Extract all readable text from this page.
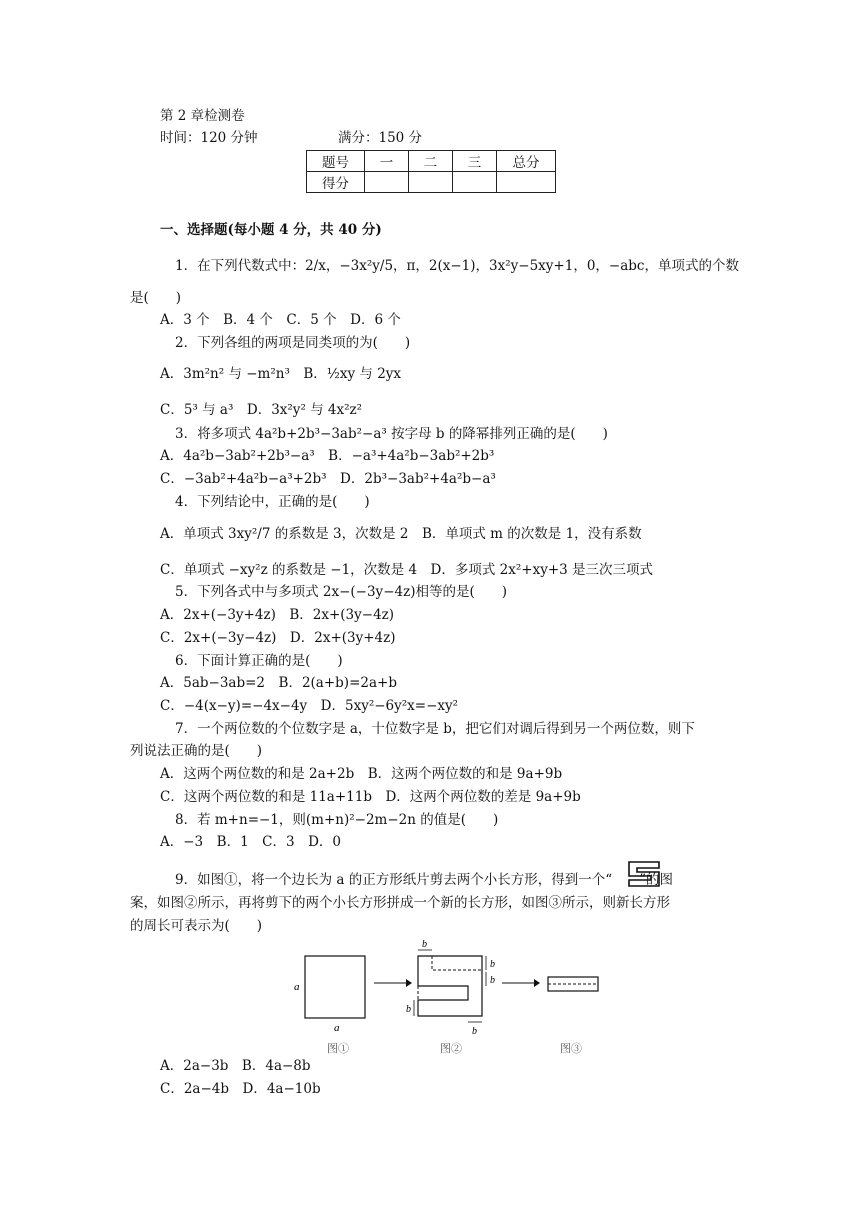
第 2 章检测卷
时间：120 分钟	满分：150 分
题号	一	二	三	总分
得分				
一、选择题(每小题 4 分，共 40 分)
1．在下列代数式中：2/x，−3x²y/5，π，2(x−1)，3x²y−5xy+1，0，−abc，单项式的个数
是(　　)
A．3 个　B．4 个　C．5 个　D．6 个
2．下列各组的两项是同类项的为(　　)
A．3m²n² 与 −m²n³　B．½xy 与 2yx
C．5³ 与 a³　D．3x²y² 与 4x²z²
3．将多项式 4a²b+2b³−3ab²−a³ 按字母 b 的降幂排列正确的是(　　)
A．4a²b−3ab²+2b³−a³　B．−a³+4a²b−3ab²+2b³
C．−3ab²+4a²b−a³+2b³　D．2b³−3ab²+4a²b−a³
4．下列结论中，正确的是(　　)
A．单项式 3xy²/7 的系数是 3，次数是 2　B．单项式 m 的次数是 1，没有系数
C．单项式 −xy²z 的系数是 −1，次数是 4　D．多项式 2x²+xy+3 是三次三项式
5．下列各式中与多项式 2x−(−3y−4z)相等的是(　　)
A．2x+(−3y+4z)　B．2x+(3y−4z)
C．2x+(−3y−4z)　D．2x+(3y+4z)
6．下面计算正确的是(　　)
A．5ab−3ab=2　B．2(a+b)=2a+b
C．−4(x−y)=−4x−4y　D．5xy²−6y²x=−xy²
7．一个两位数的个位数字是 a，十位数字是 b，把它们对调后得到另一个两位数，则下
列说法正确的是(　　)
A．这两个两位数的和是 2a+2b　B．这两个两位数的和是 9a+9b
C．这两个两位数的和是 11a+11b　D．这两个两位数的差是 9a+9b
8．若 m+n=−1，则(m+n)²−2m−2n 的值是(　　)
A．−3　B．1　C．3　D．0
9．如图①，将一个边长为 a 的正方形纸片剪去两个小长方形，得到一个“　　”的图
案，如图②所示，再将剪下的两个小长方形拼成一个新的长方形，如图③所示，则新长方形
的周长可表示为(　　)
a
a
图①
b
b
b
b
b
图②	图③
A．2a−3b　B．4a−8b
C．2a−4b　D．4a−10b
